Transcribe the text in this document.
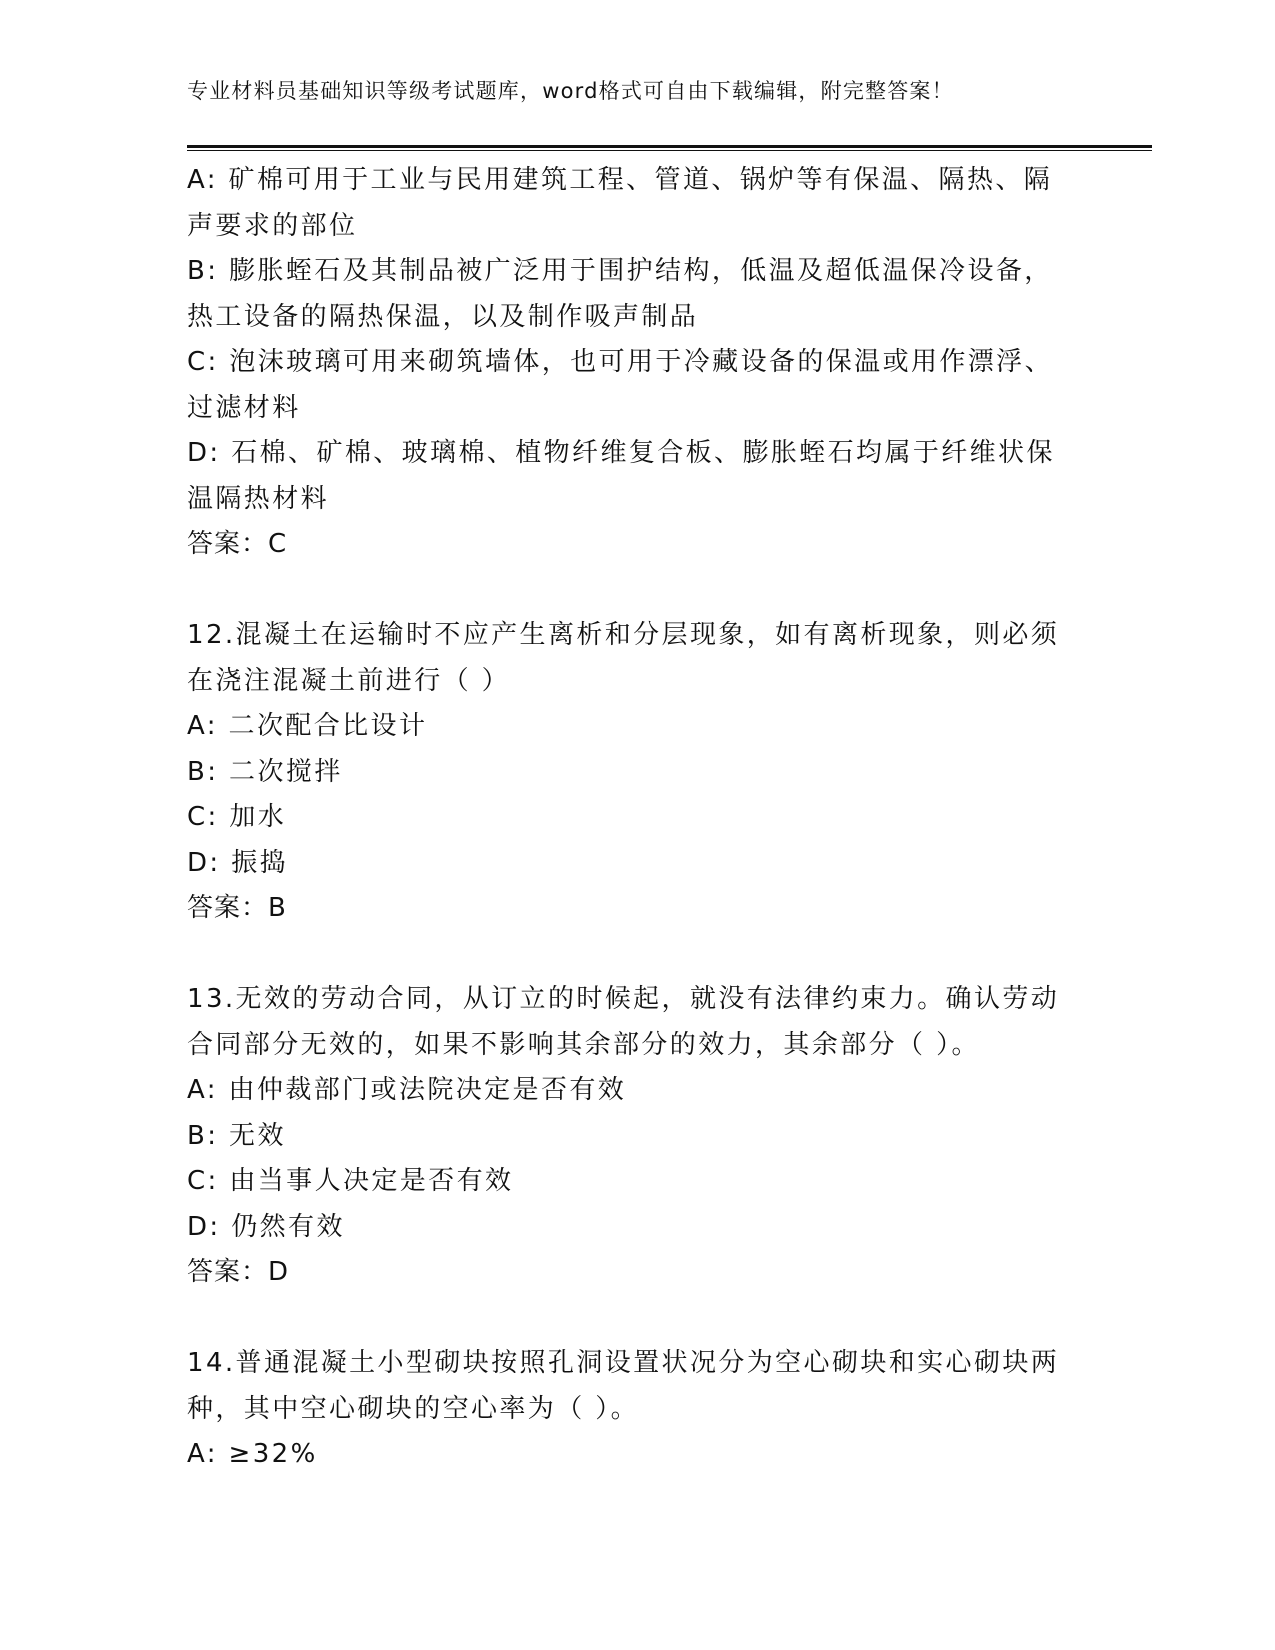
专业材料员基础知识等级考试题库，word格式可自由下载编辑，附完整答案！
A: 矿棉可用于工业与民用建筑工程、管道、锅炉等有保温、隔热、隔
声要求的部位
B: 膨胀蛭石及其制品被广泛用于围护结构，低温及超低温保冷设备，
热工设备的隔热保温，以及制作吸声制品
C: 泡沫玻璃可用来砌筑墙体，也可用于冷藏设备的保温或用作漂浮、
过滤材料
D: 石棉、矿棉、玻璃棉、植物纤维复合板、膨胀蛭石均属于纤维状保
温隔热材料
答案：C
12.混凝土在运输时不应产生离析和分层现象，如有离析现象，则必须
在浇注混凝土前进行（ ）
A: 二次配合比设计
B: 二次搅拌
C: 加水
D: 振捣
答案：B
13.无效的劳动合同，从订立的时候起，就没有法律约束力。确认劳动
合同部分无效的，如果不影响其余部分的效力，其余部分（ ）。
A: 由仲裁部门或法院决定是否有效
B: 无效
C: 由当事人决定是否有效
D: 仍然有效
答案：D
14.普通混凝土小型砌块按照孔洞设置状况分为空心砌块和实心砌块两
种，其中空心砌块的空心率为（ ）。
A: ≥32%
